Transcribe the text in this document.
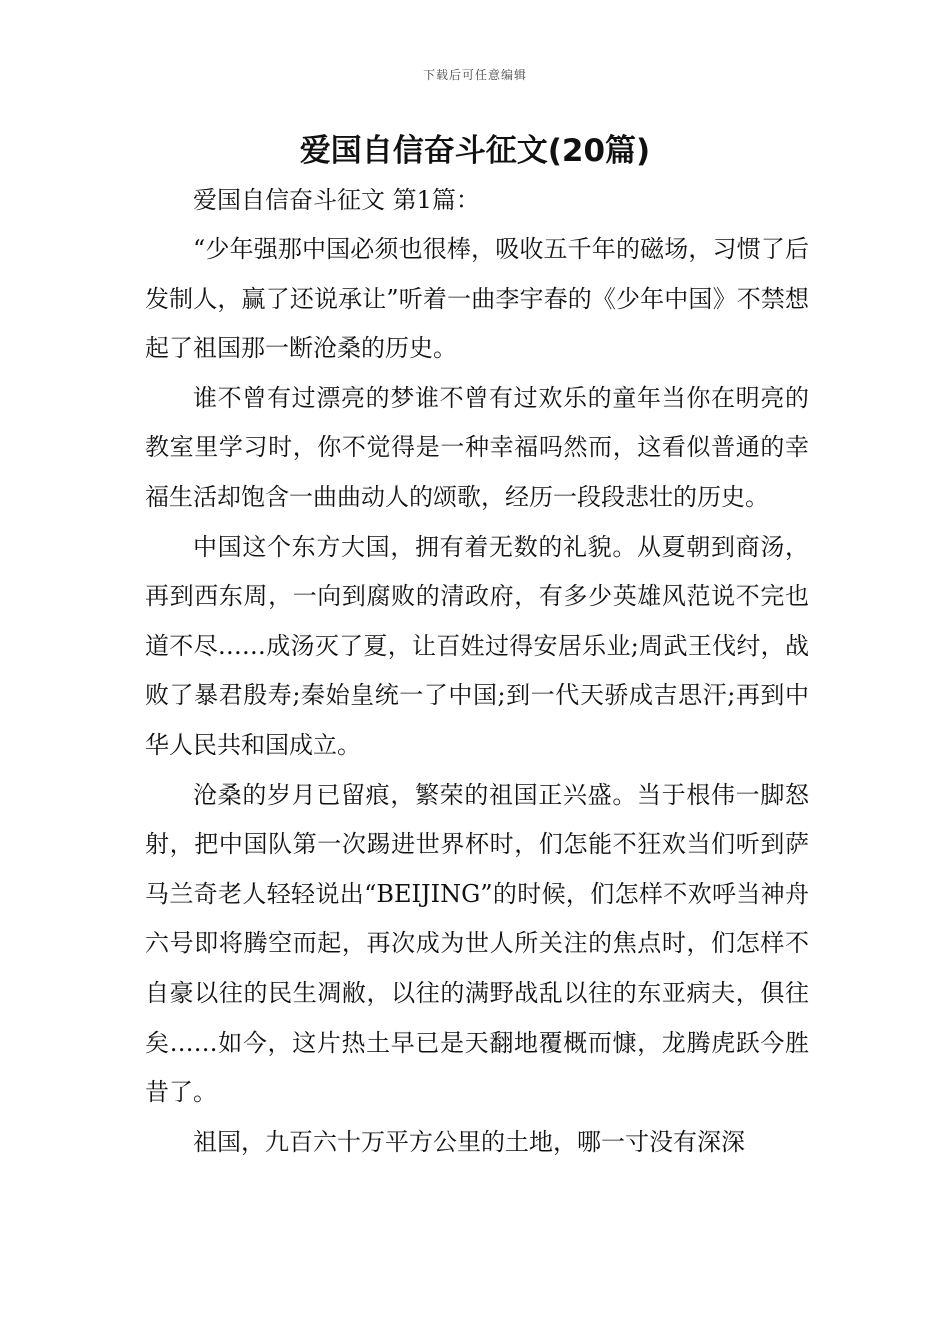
下载后可任意编辑
爱国自信奋斗征文(20篇)

爱国自信奋斗征文 第1篇：

“少年强那中国必须也很棒，吸收五千年的磁场，习惯了后发制人，赢了还说承让”听着一曲李宇春的《少年中国》不禁想起了祖国那一断沧桑的历史。

谁不曾有过漂亮的梦谁不曾有过欢乐的童年当你在明亮的教室里学习时，你不觉得是一种幸福吗然而，这看似普通的幸福生活却饱含一曲曲动人的颂歌，经历一段段悲壮的历史。

中国这个东方大国，拥有着无数的礼貌。从夏朝到商汤，再到西东周，一向到腐败的清政府，有多少英雄风范说不完也道不尽……成汤灭了夏，让百姓过得安居乐业;周武王伐纣，战败了暴君殷寿;秦始皇统一了中国;到一代天骄成吉思汗;再到中华人民共和国成立。

沧桑的岁月已留痕，繁荣的祖国正兴盛。当于根伟一脚怒射，把中国队第一次踢进世界杯时，们怎能不狂欢当们听到萨马兰奇老人轻轻说出“BEIJING”的时候，们怎样不欢呼当神舟六号即将腾空而起，再次成为世人所关注的焦点时，们怎样不自豪以往的民生凋敝，以往的满野战乱以往的东亚病夫，俱往矣……如今，这片热土早已是天翻地覆概而慷，龙腾虎跃今胜昔了。

祖国，九百六十万平方公里的土地，哪一寸没有深深
